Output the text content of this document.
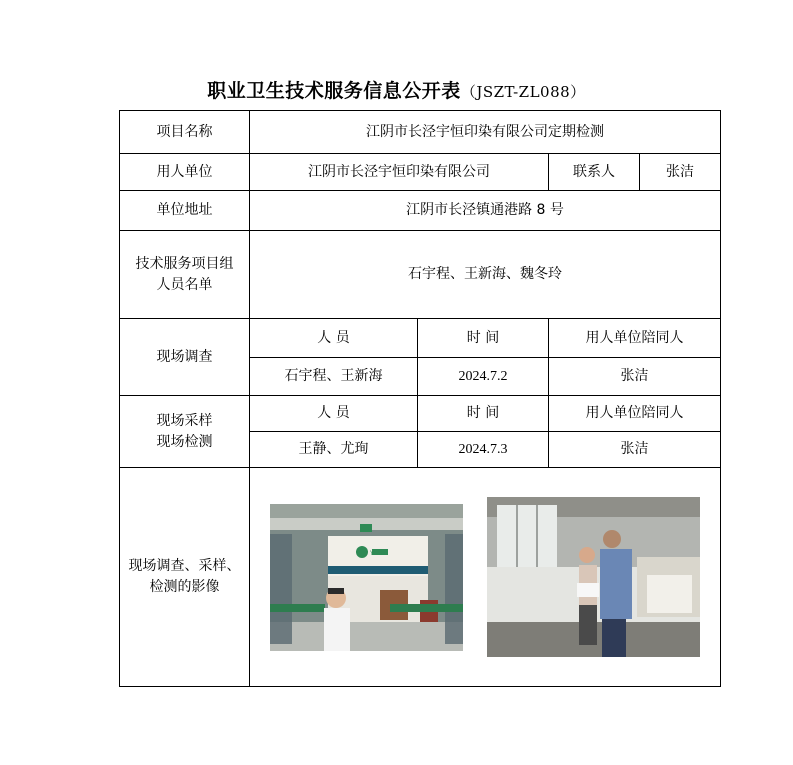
职业卫生技术服务信息公开表（JSZT-ZL088）
项目名称	江阴市长泾宇恒印染有限公司定期检测			
用人单位	江阴市长泾宇恒印染有限公司		联系人	张洁
单位地址	江阴市长泾镇通港路 8 号			
技术服务项目组人员名单	石宇程、王新海、魏冬玲			
现场调查	人 员	时 间	用人单位陪同人	
	石宇程、王新海	2024.7.2	张洁	
现场采样
现场检测	人 员	时 间	用人单位陪同人	
	王静、尤珣	2024.7.3	张洁	
现场调查、采样、
检测的影像	YHU			
